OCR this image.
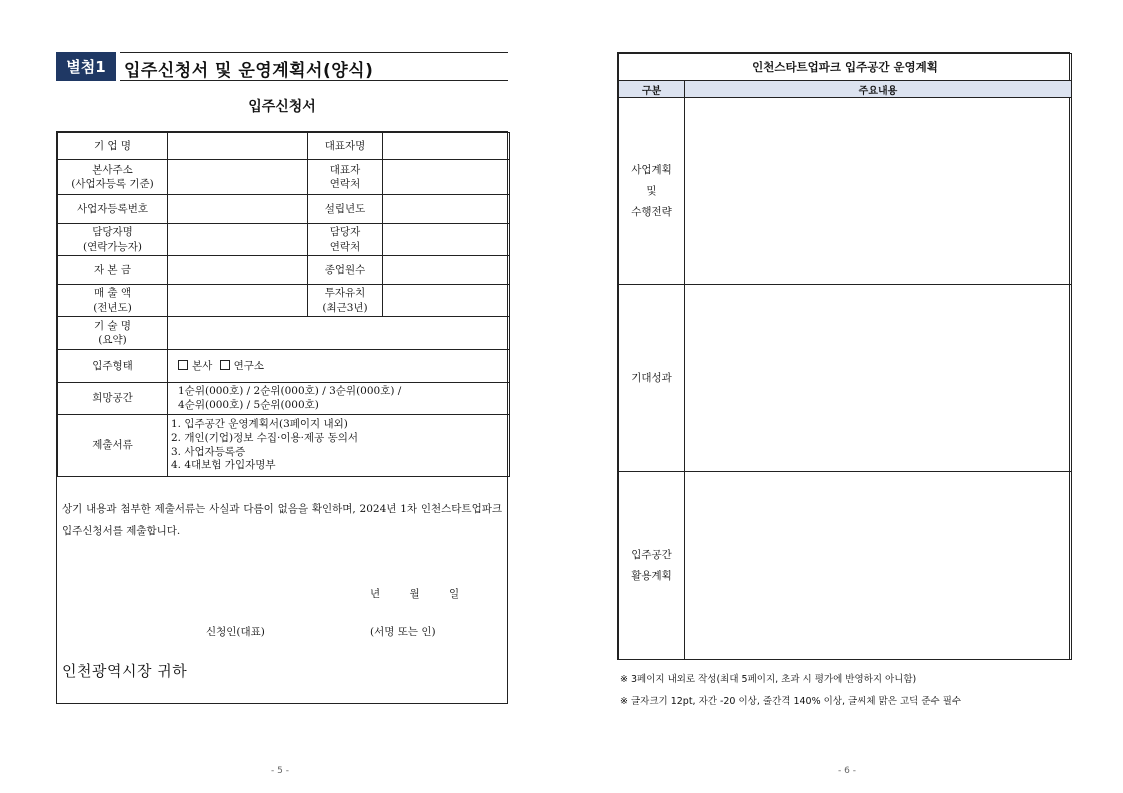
별첨1	입주신청서 및 운영계획서(양식)
입주신청서
기 업 명		대표자명	

본사주소
(사업자등록 기준)		대표자
연락처	

사업자등록번호		설립년도	

담당자명
(연락가능자)		담당자
연락처	

자 본 금		종업원수	

매 출 액
(전년도)		투자유치
(최근3년)	

기 술 명
(요약)			

입주형태	본사 연구소		
희망공간	1순위(000호) / 2순위(000호) / 3순위(000호) /
4순위(000호) / 5순위(000호)		

제출서류	1. 입주공간 운영계획서(3페이지 내외)
2. 개인(기업)정보 수집·이용·제공 동의서
3. 사업자등록증
4. 4대보험 가입자명부		
상기 내용과 첨부한 제출서류는 사실과 다름이 없음을 확인하며, 2024년 1차 인천스타트업파크 입주신청서를 제출합니다.
년	월	일
신청인(대표)	(서명 또는 인)
인천광역시장 귀하
- 5 -
인천스타트업파크 입주공간 운영계획	
구분	주요내용

사업계획
및
수행전략	

기대성과	

입주공간
활용계획	

※ 3페이지 내외로 작성(최대 5페이지, 초과 시 평가에 반영하지 아니함)
※ 글자크기 12pt, 자간 -20 이상, 줄간격 140% 이상, 글씨체 맑은 고딕 준수 필수
- 6 -
